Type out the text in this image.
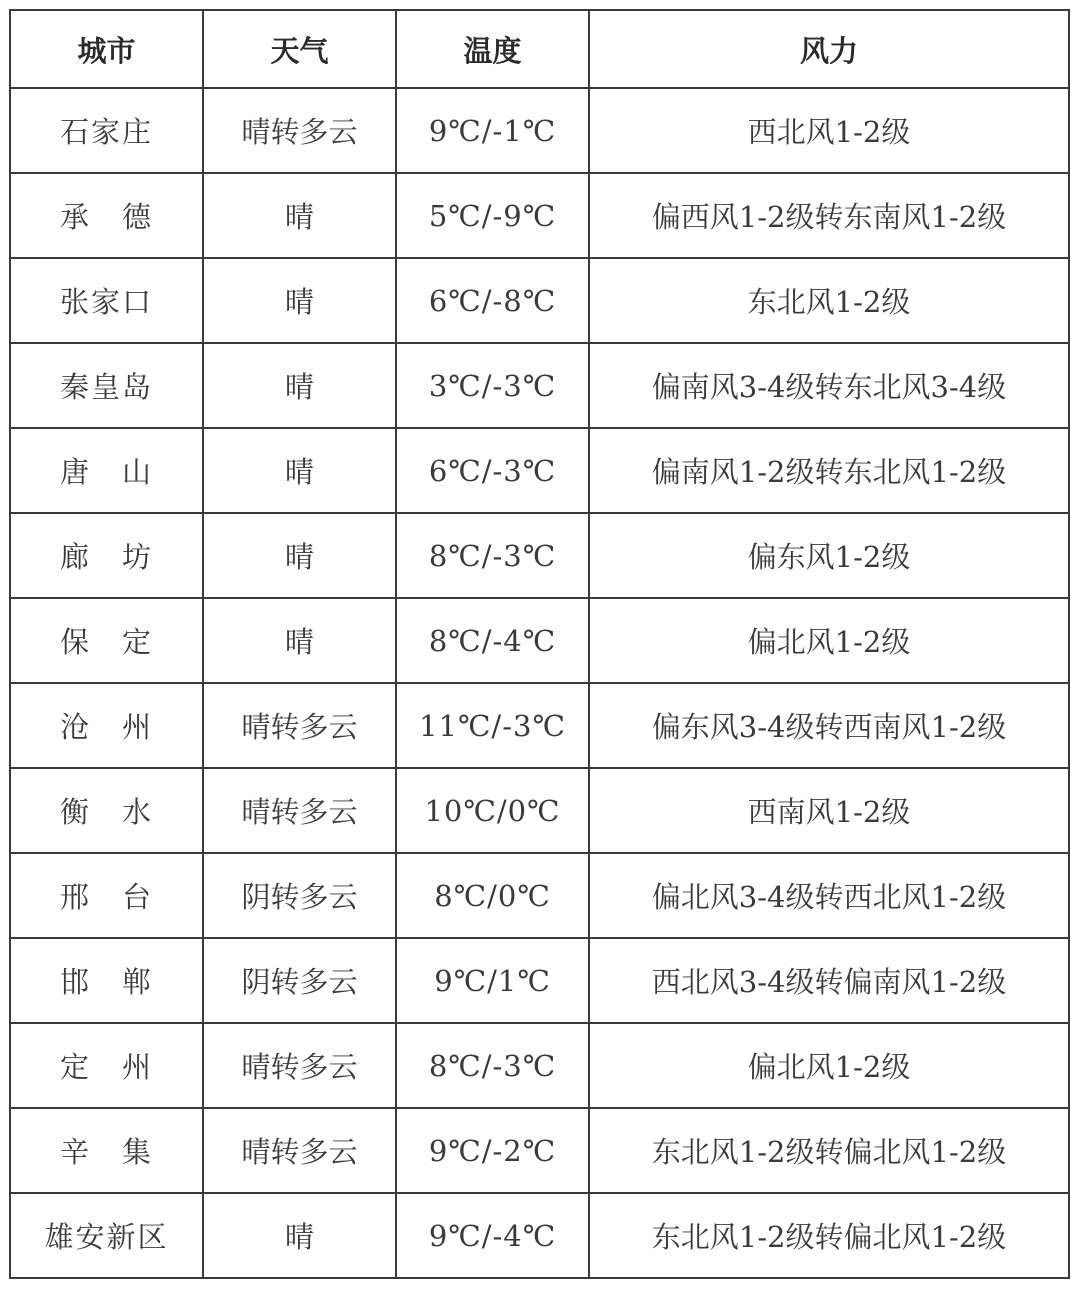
城市	天气	温度	风力
石家庄	晴转多云	9℃/-1℃	西北风1-2级
承　德	晴	5℃/-9℃	偏西风1-2级转东南风1-2级
张家口	晴	6℃/-8℃	东北风1-2级
秦皇岛	晴	3℃/-3℃	偏南风3-4级转东北风3-4级
唐　山	晴	6℃/-3℃	偏南风1-2级转东北风1-2级
廊　坊	晴	8℃/-3℃	偏东风1-2级
保　定	晴	8℃/-4℃	偏北风1-2级
沧　州	晴转多云	11℃/-3℃	偏东风3-4级转西南风1-2级
衡　水	晴转多云	10℃/0℃	西南风1-2级
邢　台	阴转多云	8℃/0℃	偏北风3-4级转西北风1-2级
邯　郸	阴转多云	9℃/1℃	西北风3-4级转偏南风1-2级
定　州	晴转多云	8℃/-3℃	偏北风1-2级
辛　集	晴转多云	9℃/-2℃	东北风1-2级转偏北风1-2级
雄安新区	晴	9℃/-4℃	东北风1-2级转偏北风1-2级
